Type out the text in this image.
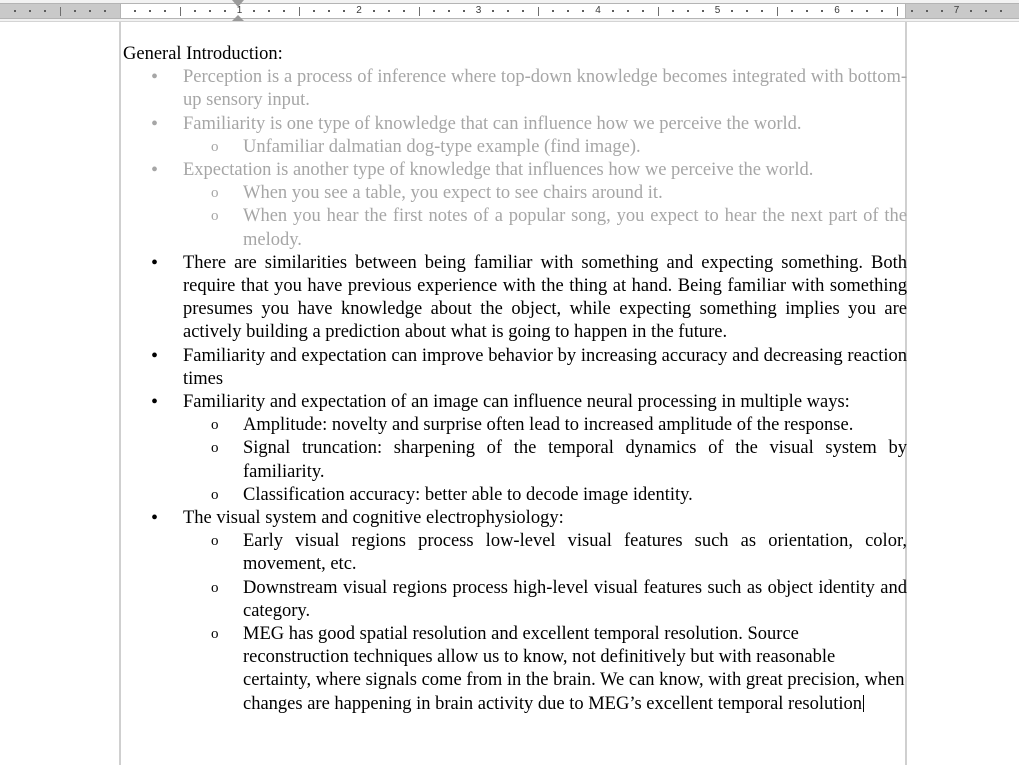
1	2	3	4	5	6	7

General Introduction:

• Perception is a process of inference where top-down knowledge becomes integrated with bottom-up sensory input.

• Familiarity is one type of knowledge that can influence how we perceive the world.

o Unfamiliar dalmatian dog-type example (find image).

• Expectation is another type of knowledge that influences how we perceive the world.

o When you see a table, you expect to see chairs around it.

o When you hear the first notes of a popular song, you expect to hear the next part of the melody.

• There are similarities between being familiar with something and expecting something. Both require that you have previous experience with the thing at hand. Being familiar with something presumes you have knowledge about the object, while expecting something implies you are actively building a prediction about what is going to happen in the future.

• Familiarity and expectation can improve behavior by increasing accuracy and decreasing reaction times

• Familiarity and expectation of an image can influence neural processing in multiple ways:

o Amplitude: novelty and surprise often lead to increased amplitude of the response.

o Signal truncation: sharpening of the temporal dynamics of the visual system by familiarity.

o Classification accuracy: better able to decode image identity.

• The visual system and cognitive electrophysiology:

o Early visual regions process low-level visual features such as orientation, color, movement, etc.

o Downstream visual regions process high-level visual features such as object identity and category.

o MEG has good spatial resolution and excellent temporal resolution. Source reconstruction techniques allow us to know, not definitively but with reasonable certainty, where signals come from in the brain. We can know, with great precision, when changes are happening in brain activity due to MEG’s excellent temporal resolution
